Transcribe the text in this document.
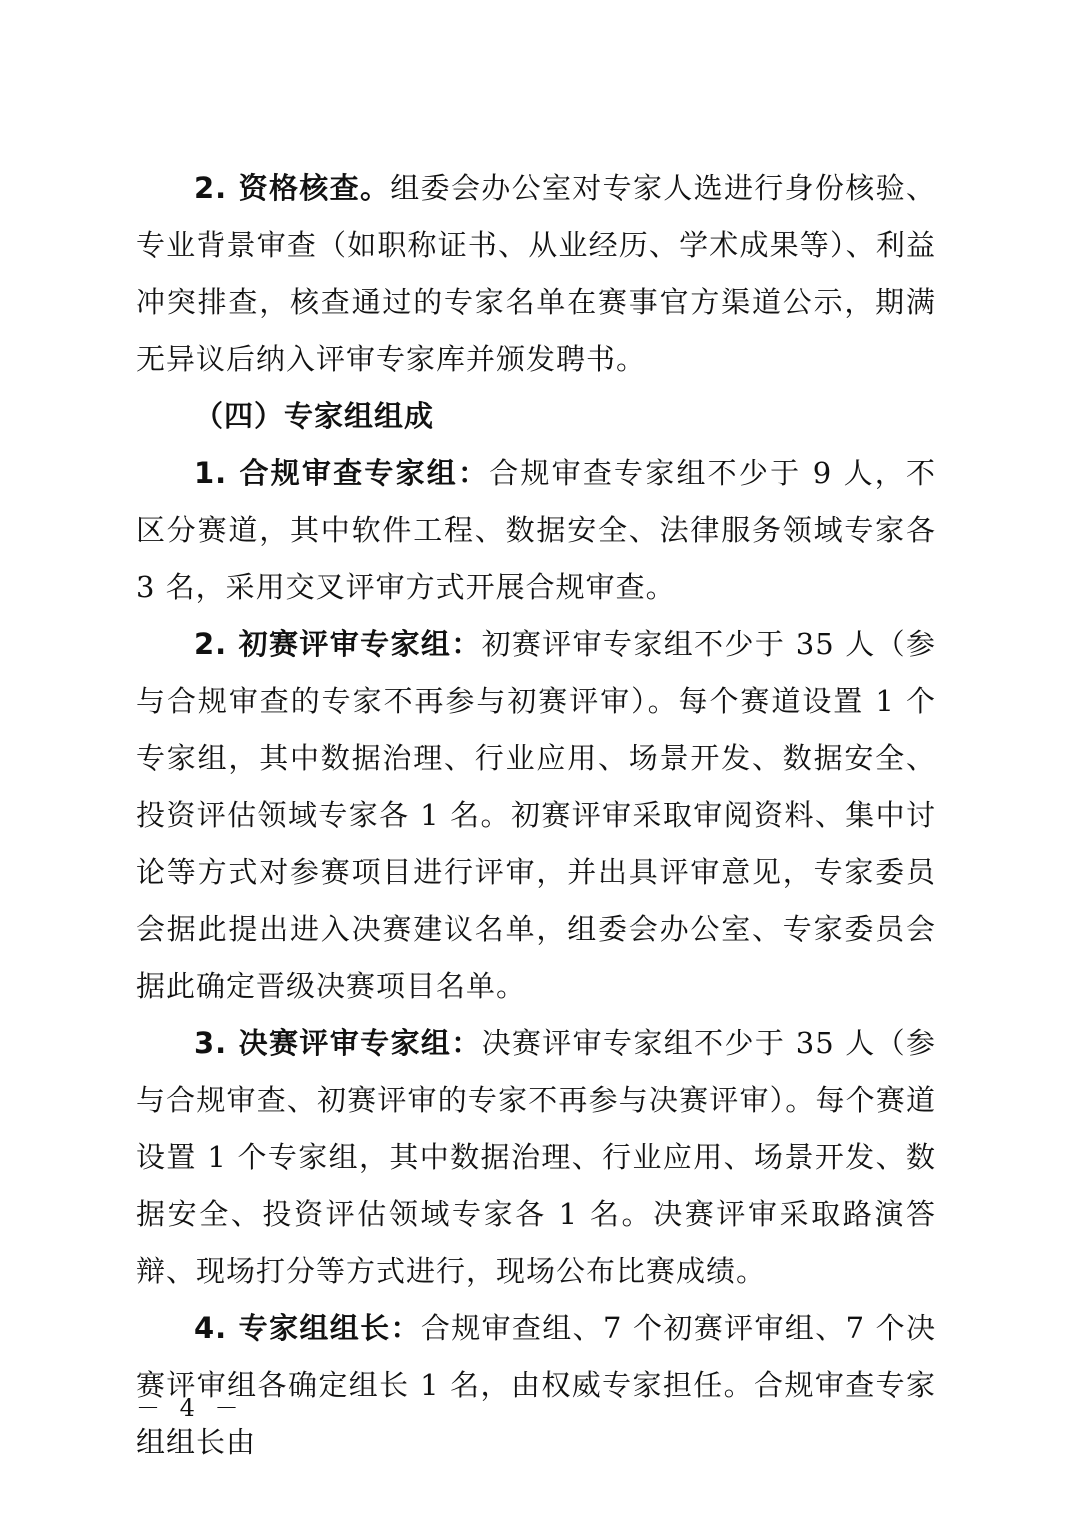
2. 资格核查。组委会办公室对专家人选进行身份核验、专业背景审查（如职称证书、从业经历、学术成果等）、利益冲突排查，核查通过的专家名单在赛事官方渠道公示，期满无异议后纳入评审专家库并颁发聘书。

（四）专家组组成

1. 合规审查专家组：合规审查专家组不少于 9 人，不区分赛道，其中软件工程、数据安全、法律服务领域专家各 3 名，采用交叉评审方式开展合规审查。

2. 初赛评审专家组：初赛评审专家组不少于 35 人（参与合规审查的专家不再参与初赛评审）。每个赛道设置 1 个专家组，其中数据治理、行业应用、场景开发、数据安全、投资评估领域专家各 1 名。初赛评审采取审阅资料、集中讨论等方式对参赛项目进行评审，并出具评审意见，专家委员会据此提出进入决赛建议名单，组委会办公室、专家委员会据此确定晋级决赛项目名单。

3. 决赛评审专家组：决赛评审专家组不少于 35 人（参与合规审查、初赛评审的专家不再参与决赛评审）。每个赛道设置 1 个专家组，其中数据治理、行业应用、场景开发、数据安全、投资评估领域专家各 1 名。决赛评审采取路演答辩、现场打分等方式进行，现场公布比赛成绩。

4. 专家组组长：合规审查组、7 个初赛评审组、7 个决赛评审组各确定组长 1 名，由权威专家担任。合规审查专家组组长由

－ 4 －
